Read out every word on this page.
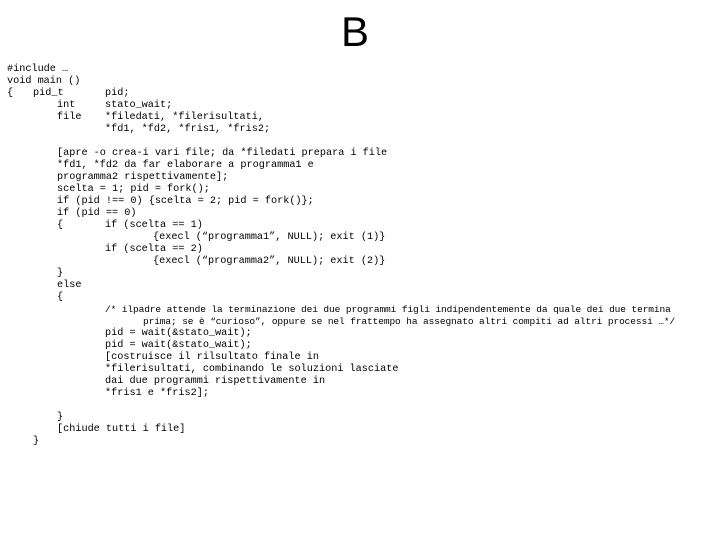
B
#include …
void main ()
{ pid_t	pid;
int	stato_wait;
file *filedati, *filerisultati,
*fd1, *fd2, *fris1, *fris2;
[apre -o crea-i vari file; da *filedati prepara i file
*fd1, *fd2 da far elaborare a programma1 e
programma2 rispettivamente];
scelta = 1; pid = fork();
if (pid !== 0) {scelta = 2; pid = fork()};
if (pid == 0)
{	if (scelta == 1)
{execl (“programma1”, NULL); exit (1)}
if (scelta == 2)
{execl (“programma2”, NULL); exit (2)}
}
else
{
/* ilpadre attende la terminazione dei due programmi figli indipendentemente da quale dei due termina
prima; se è “curioso”, oppure se nel frattempo ha assegnato altri compiti ad altri processi …*/
pid = wait(&stato_wait);
pid = wait(&stato_wait);
[costruisce il rilsultato finale in
*filerisultati, combinando le soluzioni lasciate
dai due programmi rispettivamente in
*fris1 e *fris2];
}
[chiude tutti i file]
}
